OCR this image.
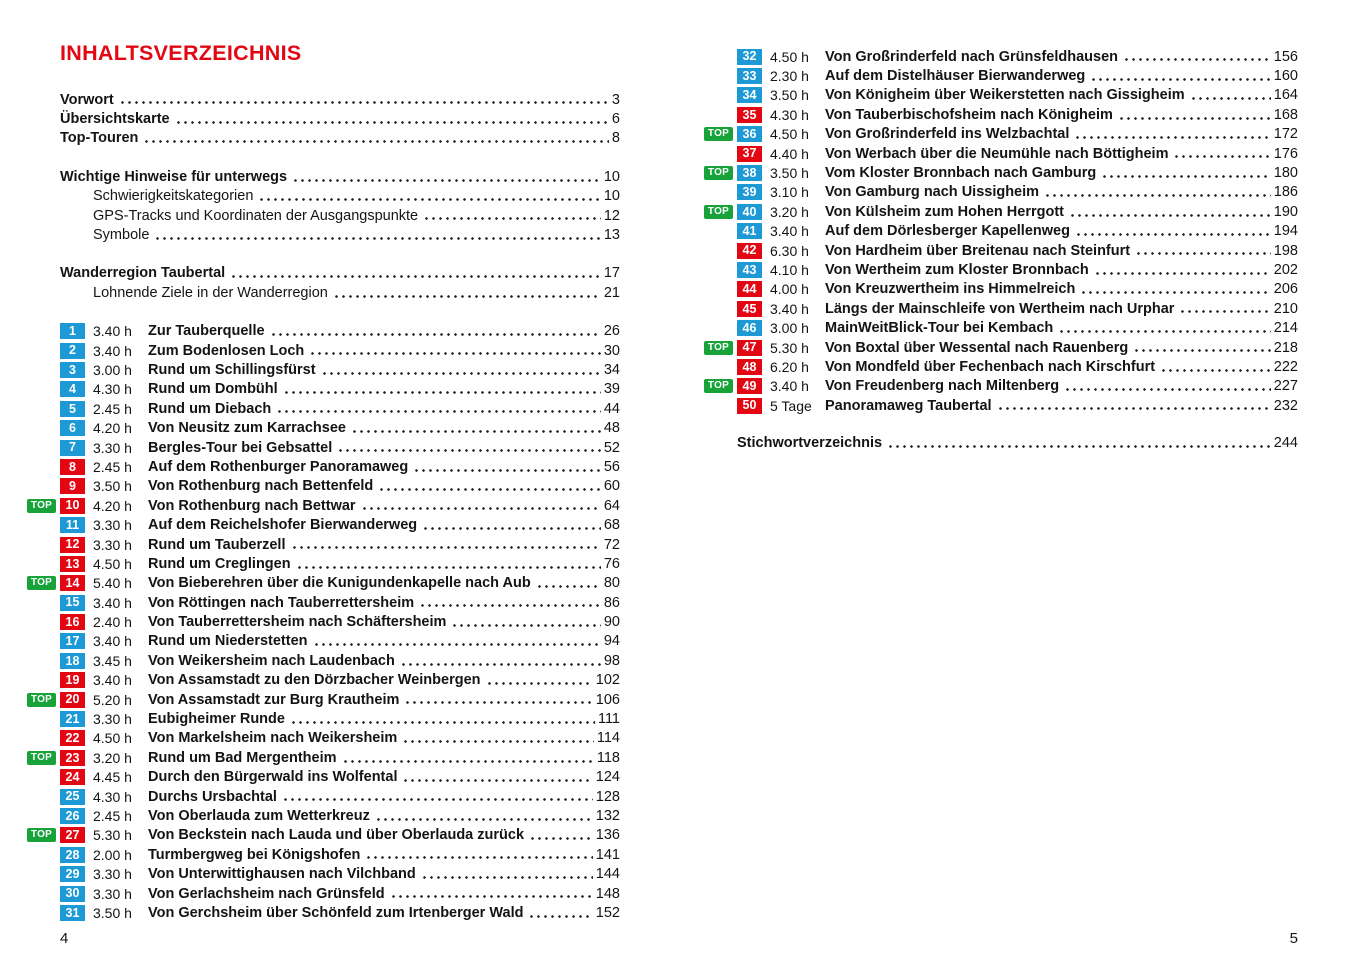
INHALTSVERZEICHNIS
Vorwort	3
Übersichtskarte	6
Top-Touren	8
Wichtige Hinweise für unterwegs	10
Schwierigkeitskategorien	10
GPS-Tracks und Koordinaten der Ausgangspunkte	12
Symbole	13
Wanderregion Taubertal	17
Lohnende Ziele in der Wanderregion	21
1	3.40 h	Zur Tauberquelle	26
2	3.40 h	Zum Bodenlosen Loch	30
3	3.00 h	Rund um Schillingsfürst	34
4	4.30 h	Rund um Dombühl	39
5	2.45 h	Rund um Diebach	44
6	4.20 h	Von Neusitz zum Karrachsee	48
7	3.30 h	Bergles-Tour bei Gebsattel	52
8	2.45 h	Auf dem Rothenburger Panoramaweg	56
9	3.50 h	Von Rothenburg nach Bettenfeld	60
TOP	10 4.20 h	Von Rothenburg nach Bettwar	64
11 3.30 h	Auf dem Reichelshofer Bierwanderweg	68
12 3.30 h	Rund um Tauberzell	72
13 4.50 h	Rund um Creglingen	76
TOP	14 5.40 h	Von Bieberehren über die Kunigundenkapelle nach Aub	80
15 3.40 h	Von Röttingen nach Tauberrettersheim	86
16 2.40 h	Von Tauberrettersheim nach Schäftersheim	90
17 3.40 h	Rund um Niederstetten	94
18 3.45 h	Von Weikersheim nach Laudenbach	98
19 3.40 h	Von Assamstadt zu den Dörzbacher Weinbergen	102
TOP	20 5.20 h	Von Assamstadt zur Burg Krautheim	106
21 3.30 h	Eubigheimer Runde	111
22 4.50 h	Von Markelsheim nach Weikersheim	114
TOP	23 3.20 h	Rund um Bad Mergentheim	118
24 4.45 h	Durch den Bürgerwald ins Wolfental	124
25 4.30 h	Durchs Ursbachtal	128
26 2.45 h	Von Oberlauda zum Wetterkreuz	132
TOP	27 5.30 h	Von Beckstein nach Lauda und über Oberlauda zurück	136
28 2.00 h	Turmbergweg bei Königshofen	141
29 3.30 h	Von Unterwittighausen nach Vilchband	144
30 3.30 h	Von Gerlachsheim nach Grünsfeld	148
31 3.50 h	Von Gerchsheim über Schönfeld zum Irtenberger Wald	152
4
32 4.50 h	Von Großrinderfeld nach Grünsfeldhausen	156
33 2.30 h	Auf dem Distelhäuser Bierwanderweg	160
34 3.50 h	Von Königheim über Weikerstetten nach Gissigheim	164
35 4.30 h	Von Tauberbischofsheim nach Königheim	168
TOP	36 4.50 h	Von Großrinderfeld ins Welzbachtal	172
37 4.40 h	Von Werbach über die Neumühle nach Böttigheim	176
TOP	38 3.50 h	Vom Kloster Bronnbach nach Gamburg	180
39 3.10 h	Von Gamburg nach Uissigheim	186
TOP	40 3.20 h	Von Külsheim zum Hohen Herrgott	190
41 3.40 h	Auf dem Dörlesberger Kapellenweg	194
42 6.30 h	Von Hardheim über Breitenau nach Steinfurt	198
43 4.10 h	Von Wertheim zum Kloster Bronnbach	202
44 4.00 h	Von Kreuzwertheim ins Himmelreich	206
45 3.40 h	Längs der Mainschleife von Wertheim nach Urphar	210
46 3.00 h	MainWeitBlick-Tour bei Kembach	214
TOP	47 5.30 h	Von Boxtal über Wessental nach Rauenberg	218
48 6.20 h	Von Mondfeld über Fechenbach nach Kirschfurt	222
TOP	49 3.40 h	Von Freudenberg nach Miltenberg	227
50 5 Tage Panoramaweg Taubertal	232
Stichwortverzeichnis	244
5
